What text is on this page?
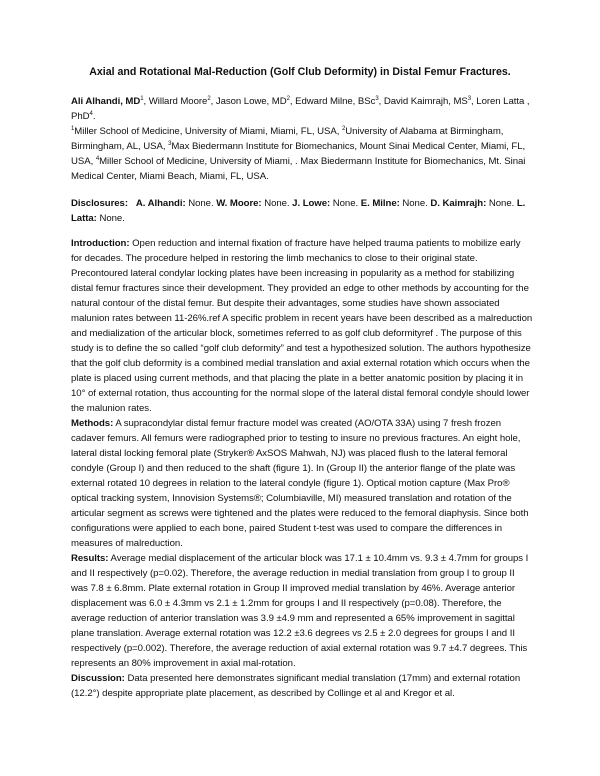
Axial and Rotational Mal-Reduction (Golf Club Deformity) in Distal Femur Fractures.
Ali Alhandi, $MD^1$, Willard Moore$^2$, Jason Lowe, $MD^2$, Edward Milne, BSc$^3$, David Kaimrajh, $MS^3$, Loren Latta , PhD$^4$.
$^1$Miller School of Medicine, University of Miami, Miami, FL, USA, $^2$University of Alabama at Birmingham, Birmingham, AL, USA, $^3$Max Biedermann Institute for Biomechanics, Mount Sinai Medical Center, Miami, FL, USA, $^4$Miller School of Medicine, University of Miami, . Max Biedermann Institute for Biomechanics, Mt. Sinai Medical Center, Miami Beach, Miami, FL, USA.
Disclosures: A. Alhandi: None. W. Moore: None. J. Lowe: None. E. Milne: None. D. Kaimrajh: None. L. Latta: None.

Introduction: Open reduction and internal fixation of fracture have helped trauma patients to mobilize early for decades. The procedure helped in restoring the limb mechanics to close to their original state. Precontoured lateral condylar locking plates have been increasing in popularity as a method for stabilizing distal femur fractures since their development. They provided an edge to other methods by accounting for the natural contour of the distal femur. But despite their advantages, some studies have shown associated malunion rates between 11-26%.ref A specific problem in recent years have been described as a malreduction and medialization of the articular block, sometimes referred to as golf club deformityref . The purpose of this study is to define the so called “golf club deformity” and test a hypothesized solution. The authors hypothesize that the golf club deformity is a combined medial translation and axial external rotation which occurs when the plate is placed using current methods, and that placing the plate in a better anatomic position by placing it in 10° of external rotation, thus accounting for the normal slope of the lateral distal femoral condyle should lower the malunion rates.

Methods: A supracondylar distal femur fracture model was created (AO/OTA 33A) using 7 fresh frozen cadaver femurs. All femurs were radiographed prior to testing to insure no previous fractures. An eight hole, lateral distal locking femoral plate (Stryker® AxSOS Mahwah, NJ) was placed flush to the lateral femoral condyle (Group I) and then reduced to the shaft (figure 1). In (Group II) the anterior flange of the plate was external rotated 10 degrees in relation to the lateral condyle (figure 1). Optical motion capture (Max Pro® optical tracking system, Innovision Systems®; Columbiaville, MI) measured translation and rotation of the articular segment as screws were tightened and the plates were reduced to the femoral diaphysis. Since both configurations were applied to each bone, paired Student t-test was used to compare the differences in measures of malreduction.

Results: Average medial displacement of the articular block was 17.1 ± 10.4mm vs. 9.3 ± 4.7mm for groups I and II respectively (p=0.02). Therefore, the average reduction in medial translation from group I to group II was 7.8 ± 6.8mm. Plate external rotation in Group II improved medial translation by 46%. Average anterior displacement was 6.0 ± 4.3mm vs 2.1 ± 1.2mm for groups I and II respectively (p=0.08). Therefore, the average reduction of anterior translation was 3.9 ±4.9 mm and represented a 65% improvement in sagittal plane translation. Average external rotation was 12.2 ±3.6 degrees vs 2.5 ± 2.0 degrees for groups I and II respectively (p=0.002). Therefore, the average reduction of axial external rotation was 9.7 ±4.7 degrees. This represents an 80% improvement in axial mal-rotation.

Discussion: Data presented here demonstrates significant medial translation (17mm) and external rotation (12.2°) despite appropriate plate placement, as described by Collinge et al and Kregor et al.
